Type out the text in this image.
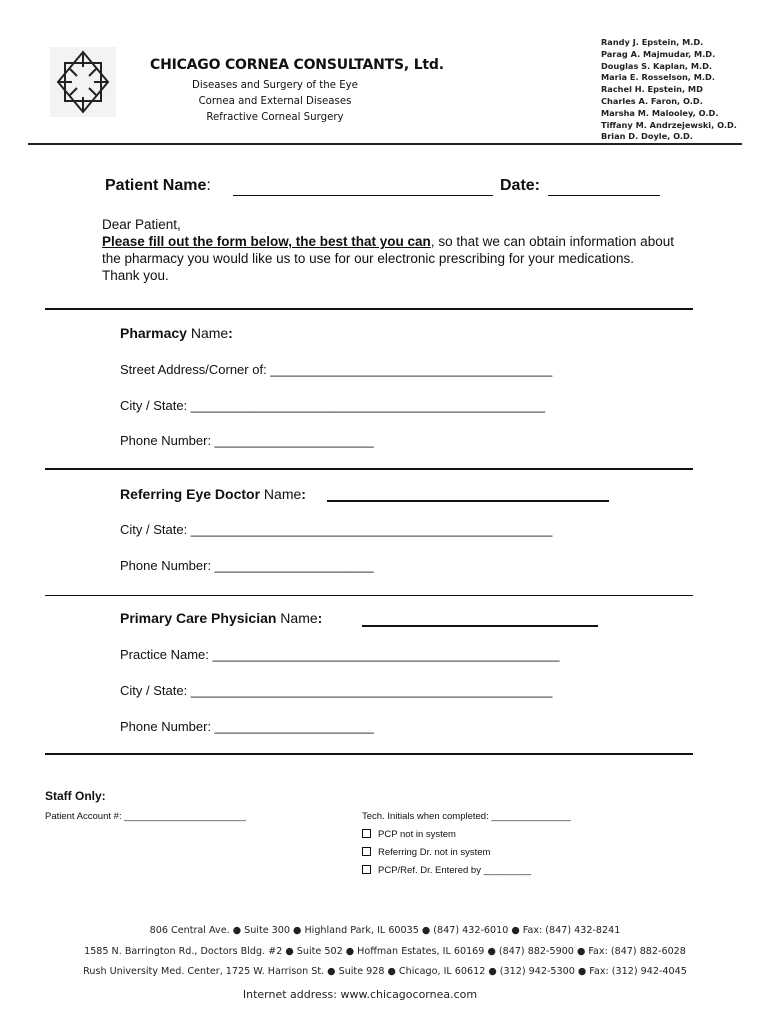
CHICAGO CORNEA CONSULTANTS, Ltd.
Diseases and Surgery of the Eye
Cornea and External Diseases
Refractive Corneal Surgery
Randy J. Epstein, M.D.
Parag A. Majmudar, M.D.
Douglas S. Kaplan, M.D.
Maria E. Rosselson, M.D.
Rachel H. Epstein, MD
Charles A. Faron, O.D.
Marsha M. Malooley, O.D.
Tiffany M. Andrzejewski, O.D.
Brian D. Doyle, O.D.
Patient Name:	Date:
Dear Patient,
Please fill out the form below, the best that you can, so that we can obtain information about
the pharmacy you would like us to use for our electronic prescribing for your medications.
Thank you.
Pharmacy Name:
Street Address/Corner of: _______________________________________
City / State: _________________________________________________
Phone Number: ______________________
Referring Eye Doctor Name:
City / State: __________________________________________________
Phone Number: ______________________
Primary Care Physician Name:
Practice Name: ________________________________________________
City / State: __________________________________________________
Phone Number: ______________________
Staff Only:
Patient Account #: _______________________	Tech. Initials when completed: _______________
PCP not in system
Referring Dr. not in system
PCP/Ref. Dr. Entered by _________
806 Central Ave. ● Suite 300 ● Highland Park, IL 60035 ● (847) 432-6010 ● Fax: (847) 432-8241
1585 N. Barrington Rd., Doctors Bldg. #2 ● Suite 502 ● Hoffman Estates, IL 60169 ● (847) 882-5900 ● Fax: (847) 882-6028
Rush University Med. Center, 1725 W. Harrison St. ● Suite 928 ● Chicago, IL 60612 ● (312) 942-5300 ● Fax: (312) 942-4045
Internet address: www.chicagocornea.com
